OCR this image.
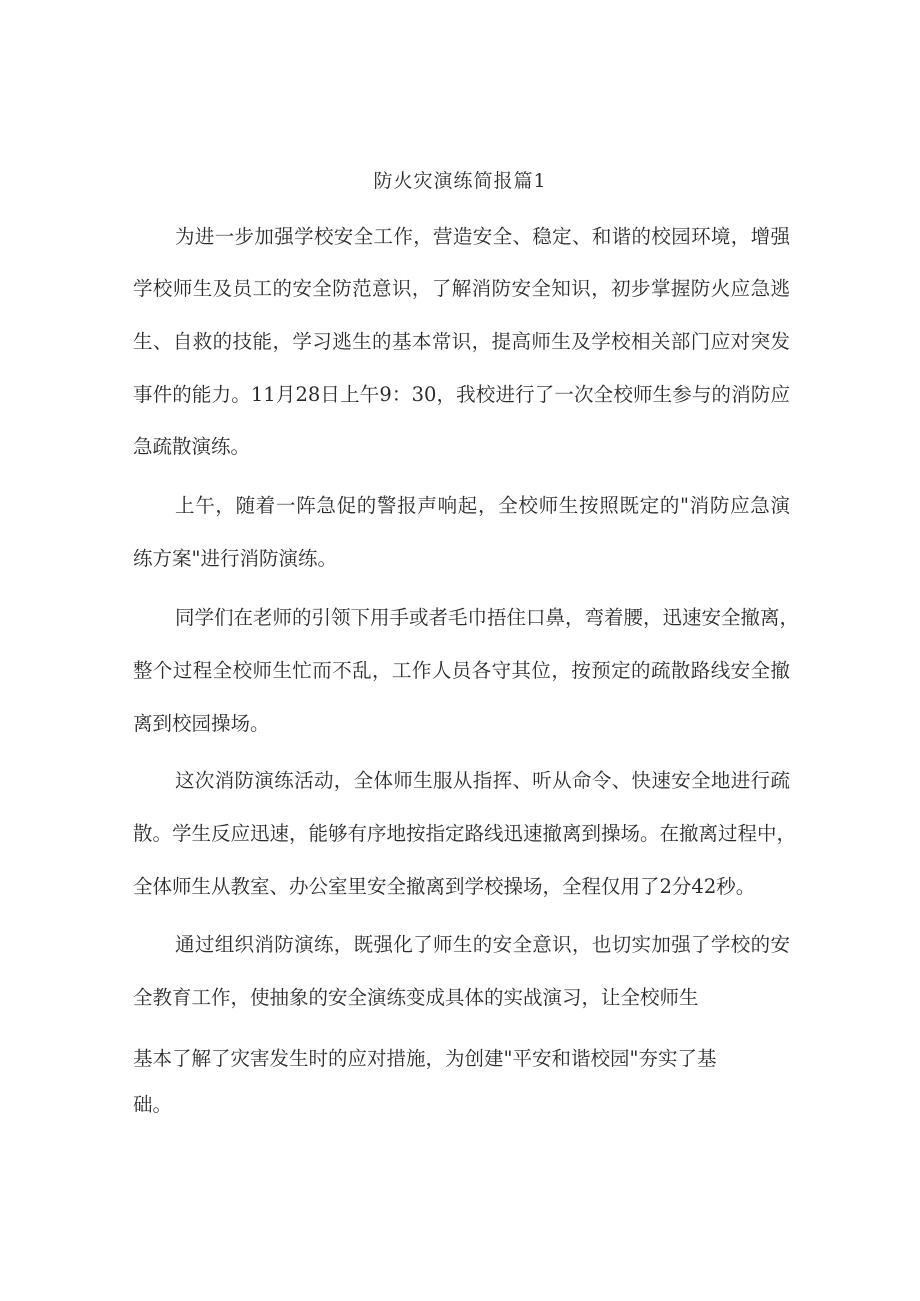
防火灾演练简报篇1
为进一步加强学校安全工作，营造安全、稳定、和谐的校园环境，增强
学校师生及员工的安全防范意识，了解消防安全知识，初步掌握防火应急逃
生、自救的技能，学习逃生的基本常识，提高师生及学校相关部门应对突发
事件的能力。11月28日上午9：30，我校进行了一次全校师生参与的消防应
急疏散演练。
上午，随着一阵急促的警报声响起，全校师生按照既定的"消防应急演
练方案"进行消防演练。
同学们在老师的引领下用手或者毛巾捂住口鼻，弯着腰，迅速安全撤离，
整个过程全校师生忙而不乱，工作人员各守其位，按预定的疏散路线安全撤
离到校园操场。
这次消防演练活动，全体师生服从指挥、听从命令、快速安全地进行疏
散。学生反应迅速，能够有序地按指定路线迅速撤离到操场。在撤离过程中，
全体师生从教室、办公室里安全撤离到学校操场，全程仅用了2分42秒。
通过组织消防演练，既强化了师生的安全意识，也切实加强了学校的安
全教育工作，使抽象的安全演练变成具体的实战演习，让全校师生
基本了解了灾害发生时的应对措施，为创建"平安和谐校园"夯实了基
础。
